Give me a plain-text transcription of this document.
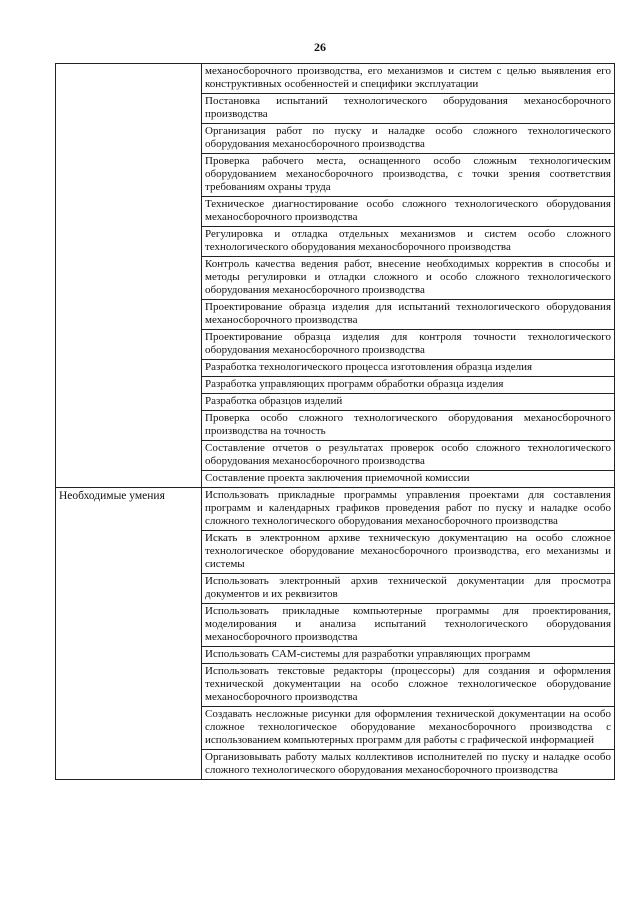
26
	механосборочного производства, его механизмов и систем с целью выявления его конструктивных особенностей и специфики эксплуатации
	Постановка испытаний технологического оборудования механосборочного производства
	Организация работ по пуску и наладке особо сложного технологического оборудования механосборочного производства
	Проверка рабочего места, оснащенного особо сложным технологическим оборудованием механосборочного производства, с точки зрения соответствия требованиям охраны труда
	Техническое диагностирование особо сложного технологического оборудования механосборочного производства
	Регулировка и отладка отдельных механизмов и систем особо сложного технологического оборудования механосборочного производства
	Контроль качества ведения работ, внесение необходимых корректив в способы и методы регулировки и отладки сложного и особо сложного технологического оборудования механосборочного производства
	Проектирование образца изделия для испытаний технологического оборудования механосборочного производства
	Проектирование образца изделия для контроля точности технологического оборудования механосборочного производства
	Разработка технологического процесса изготовления образца изделия
	Разработка управляющих программ обработки образца изделия
	Разработка образцов изделий
	Проверка особо сложного технологического оборудования механосборочного производства на точность
	Составление отчетов о результатах проверок особо сложного технологического оборудования механосборочного производства
	Составление проекта заключения приемочной комиссии
Необходимые умения	Использовать прикладные программы управления проектами для составления программ и календарных графиков проведения работ по пуску и наладке особо сложного технологического оборудования механосборочного производства
	Искать в электронном архиве техническую документацию на особо сложное технологическое оборудование механосборочного производства, его механизмы и системы
	Использовать электронный архив технической документации для просмотра документов и их реквизитов
	Использовать прикладные компьютерные программы для проектирования, моделирования и анализа испытаний технологического оборудования механосборочного производства
	Использовать CAM-системы для разработки управляющих программ
	Использовать текстовые редакторы (процессоры) для создания и оформления технической документации на особо сложное технологическое оборудование механосборочного производства
	Создавать несложные рисунки для оформления технической документации на особо сложное технологическое оборудование механосборочного производства с использованием компьютерных программ для работы с графической информацией
	Организовывать работу малых коллективов исполнителей по пуску и наладке особо сложного технологического оборудования механосборочного производства
